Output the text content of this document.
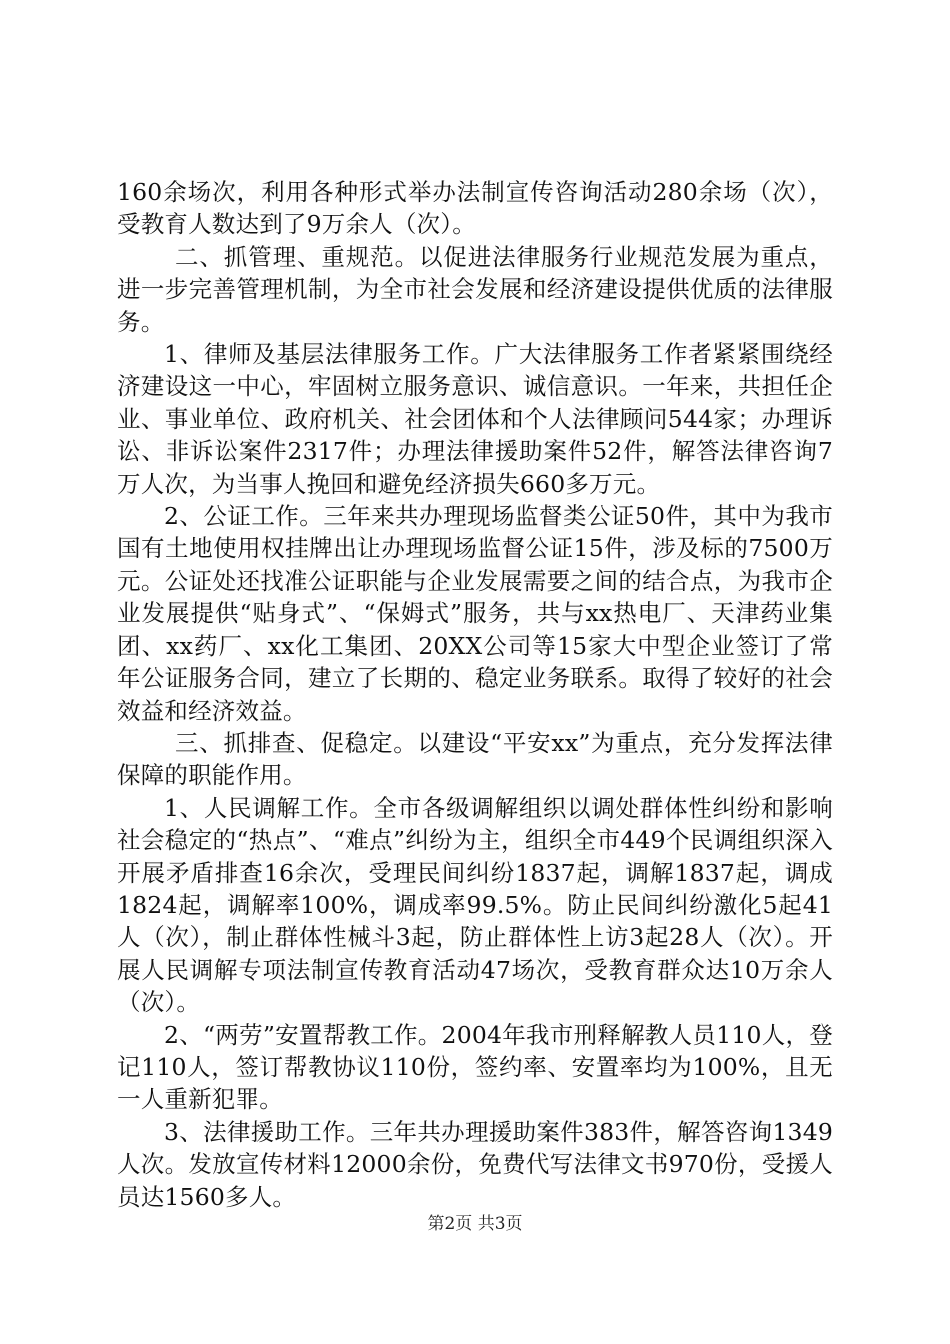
160余场次，利用各种形式举办法制宣传咨询活动280余场（次），受教育人数达到了9万余人（次）。

二、抓管理、重规范。以促进法律服务行业规范发展为重点，进一步完善管理机制，为全市社会发展和经济建设提供优质的法律服务。

1、律师及基层法律服务工作。广大法律服务工作者紧紧围绕经济建设这一中心，牢固树立服务意识、诚信意识。一年来，共担任企业、事业单位、政府机关、社会团体和个人法律顾问544家；办理诉讼、非诉讼案件2317件；办理法律援助案件52件，解答法律咨询7万人次，为当事人挽回和避免经济损失660多万元。

2、公证工作。三年来共办理现场监督类公证50件，其中为我市国有土地使用权挂牌出让办理现场监督公证15件，涉及标的7500万元。公证处还找准公证职能与企业发展需要之间的结合点，为我市企业发展提供“贴身式”、“保姆式”服务，共与xx热电厂、天津药业集团、xx药厂、xx化工集团、20XX公司等15家大中型企业签订了常年公证服务合同，建立了长期的、稳定业务联系。取得了较好的社会效益和经济效益。

三、抓排查、促稳定。以建设“平安xx”为重点，充分发挥法律保障的职能作用。

1、人民调解工作。全市各级调解组织以调处群体性纠纷和影响社会稳定的“热点”、“难点”纠纷为主，组织全市449个民调组织深入开展矛盾排查16余次，受理民间纠纷1837起，调解1837起，调成1824起，调解率100%，调成率99.5%。防止民间纠纷激化5起41人（次），制止群体性械斗3起，防止群体性上访3起28人（次）。开展人民调解专项法制宣传教育活动47场次，受教育群众达10万余人（次）。

2、“两劳”安置帮教工作。2004年我市刑释解教人员110人，登记110人，签订帮教协议110份，签约率、安置率均为100%，且无一人重新犯罪。

3、法律援助工作。三年共办理援助案件383件，解答咨询1349人次。发放宣传材料12000余份，免费代写法律文书970份，受援人员达1560多人。

第2页 共3页
